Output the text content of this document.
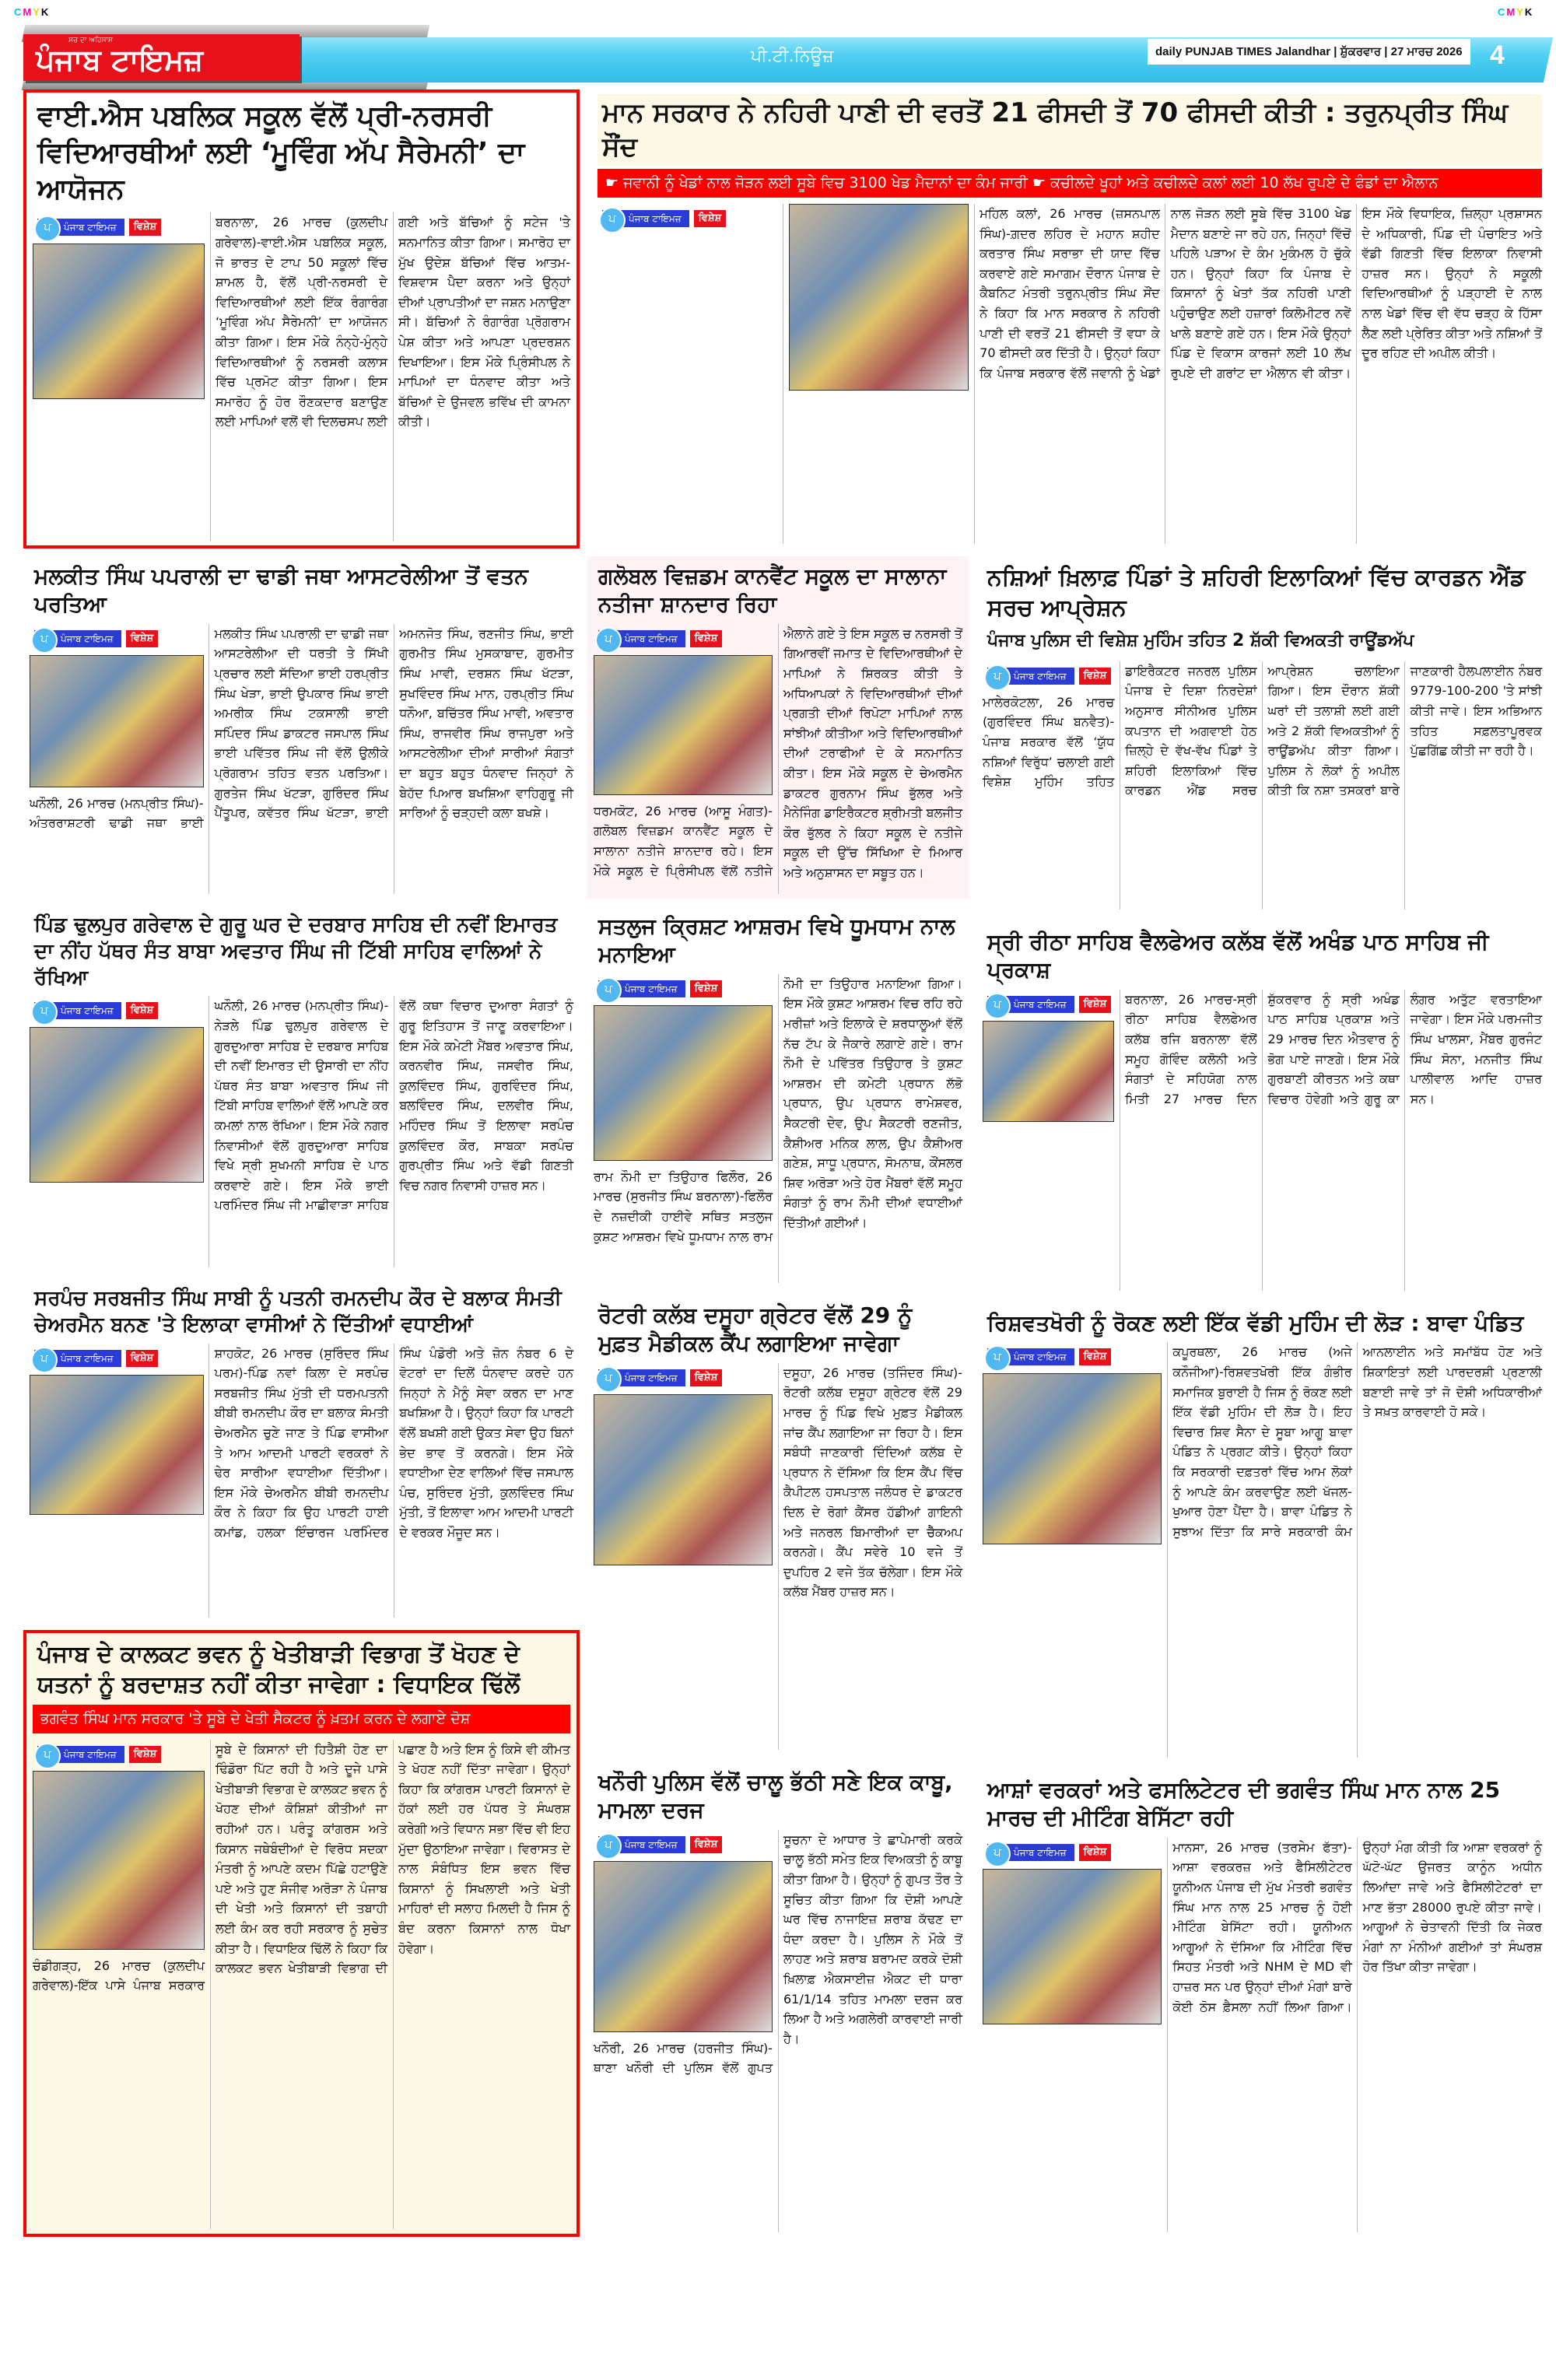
CMYK	CMYK
ਸਚ ਦਾ ਅਹਿਸਾਸ
ਪੰਜਾਬ ਟਾਇਮਜ਼	ਪੀ.ਟੀ.ਨਿਊਜ਼	daily PUNJAB TIMES Jalandhar | ਸ਼ੁੱਕਰਵਾਰ | 27 ਮਾਰਚ 2026 4
ਵਾਈ.ਐਸ ਪਬਲਿਕ ਸਕੂਲ ਵੱਲੋਂ ਪ੍ਰੀ-ਨਰਸਰੀ ਵਿਦਿਆਰਥੀਆਂ ਲਈ ‘ਮੂਵਿੰਗ ਅੱਪ ਸੈਰੇਮਨੀ’ ਦਾ ਆਯੋਜਨ
ਪ ਪੰਜਾਬ ਟਾਇਮਜ਼	ਵਿਸ਼ੇਸ਼	ਬਰਨਾਲਾ, 26 ਮਾਰਚ (ਕੁਲਦੀਪ ਗਰੇਵਾਲ)-ਵਾਈ.ਐਸ ਪਬਲਿਕ ਸਕੂਲ, ਜੋ ਭਾਰਤ ਦੇ ਟਾਪ 50 ਸਕੂਲਾਂ ਵਿੱਚ ਸ਼ਾਮਲ ਹੈ, ਵੱਲੋਂ ਪ੍ਰੀ-ਨਰਸਰੀ ਦੇ ਵਿਦਿਆਰਥੀਆਂ ਲਈ ਇੱਕ ਰੰਗਾਰੰਗ ‘ਮੂਵਿੰਗ ਅੱਪ ਸੈਰੇਮਨੀ’ ਦਾ ਆਯੋਜਨ ਕੀਤਾ ਗਿਆ। ਇਸ ਮੌਕੇ ਨੰਨ੍ਹੇ-ਮੁੰਨ੍ਹੇ ਵਿਦਿਆਰਥੀਆਂ ਨੂੰ ਨਰਸਰੀ ਕਲਾਸ ਵਿੱਚ ਪ੍ਰਮੋਟ ਕੀਤਾ ਗਿਆ। ਇਸ ਸਮਾਰੋਹ ਨੂੰ ਹੋਰ ਰੌਣਕਦਾਰ ਬਣਾਉਣ ਲਈ ਮਾਪਿਆਂ ਵਲੋਂ ਵੀ ਦਿਲਚਸਪ ਲਈ ਗਈ ਅਤੇ ਬੱਚਿਆਂ ਨੂੰ ਸਟੇਜ 'ਤੇ ਸਨਮਾਨਿਤ ਕੀਤਾ ਗਿਆ। ਸਮਾਰੋਹ ਦਾ ਮੁੱਖ ਉਦੇਸ਼ ਬੱਚਿਆਂ ਵਿੱਚ ਆਤਮ-ਵਿਸ਼ਵਾਸ ਪੈਦਾ ਕਰਨਾ ਅਤੇ ਉਨ੍ਹਾਂ ਦੀਆਂ ਪ੍ਰਾਪਤੀਆਂ ਦਾ ਜਸ਼ਨ ਮਨਾਉਣਾ ਸੀ। ਬੱਚਿਆਂ ਨੇ ਰੰਗਾਰੰਗ ਪ੍ਰੋਗਰਾਮ ਪੇਸ਼ ਕੀਤਾ ਅਤੇ ਆਪਣਾ ਪ੍ਰਦਰਸ਼ਨ ਦਿਖਾਇਆ। ਇਸ ਮੌਕੇ ਪ੍ਰਿੰਸੀਪਲ ਨੇ ਮਾਪਿਆਂ ਦਾ ਧੰਨਵਾਦ ਕੀਤਾ ਅਤੇ ਬੱਚਿਆਂ ਦੇ ਉਜਵਲ ਭਵਿੱਖ ਦੀ ਕਾਮਨਾ ਕੀਤੀ।

ਮਾਨ ਸਰਕਾਰ ਨੇ ਨਹਿਰੀ ਪਾਣੀ ਦੀ ਵਰਤੋਂ 21 ਫੀਸਦੀ ਤੋਂ 70 ਫੀਸਦੀ ਕੀਤੀ : ਤਰੁਨਪ੍ਰੀਤ ਸਿੰਘ ਸੌਂਦ
☛ ਜਵਾਨੀ ਨੂੰ ਖੇਡਾਂ ਨਾਲ ਜੋੜਨ ਲਈ ਸੂਬੇ ਵਿਚ 3100 ਖੇਡ ਮੈਦਾਨਾਂ ਦਾ ਕੰਮ ਜਾਰੀ ☛ ਕਚੀਲਦੇ ਖੂਹਾਂ ਅਤੇ ਕਚੀਲਦੇ ਕਲਾਂ ਲਈ 10 ਲੱਖ ਰੁਪਏ ਦੇ ਫੰਡਾਂ ਦਾ ਐਲਾਨ
ਪ ਪੰਜਾਬ ਟਾਇਮਜ਼	ਵਿਸ਼ੇਸ਼	ਮਹਿਲ ਕਲਾਂ, 26 ਮਾਰਚ (ਜ਼ਸਨਪਾਲ ਸਿੰਘ)-ਗ਼ਦਰ ਲਹਿਰ ਦੇ ਮਹਾਨ ਸ਼ਹੀਦ ਕਰਤਾਰ ਸਿੰਘ ਸਰਾਭਾ ਦੀ ਯਾਦ ਵਿੱਚ ਕਰਵਾਏ ਗਏ ਸਮਾਗਮ ਦੌਰਾਨ ਪੰਜਾਬ ਦੇ ਕੈਬਨਿਟ ਮੰਤਰੀ ਤਰੁਨਪ੍ਰੀਤ ਸਿੰਘ ਸੌਂਦ ਨੇ ਕਿਹਾ ਕਿ ਮਾਨ ਸਰਕਾਰ ਨੇ ਨਹਿਰੀ ਪਾਣੀ ਦੀ ਵਰਤੋਂ 21 ਫੀਸਦੀ ਤੋਂ ਵਧਾ ਕੇ 70 ਫੀਸਦੀ ਕਰ ਦਿੱਤੀ ਹੈ। ਉਨ੍ਹਾਂ ਕਿਹਾ ਕਿ ਪੰਜਾਬ ਸਰਕਾਰ ਵੱਲੋਂ ਜਵਾਨੀ ਨੂੰ ਖੇਡਾਂ ਨਾਲ ਜੋੜਨ ਲਈ ਸੂਬੇ ਵਿੱਚ 3100 ਖੇਡ ਮੈਦਾਨ ਬਣਾਏ ਜਾ ਰਹੇ ਹਨ, ਜਿਨ੍ਹਾਂ ਵਿੱਚੋਂ ਪਹਿਲੇ ਪੜਾਅ ਦੇ ਕੰਮ ਮੁਕੰਮਲ ਹੋ ਚੁੱਕੇ ਹਨ। ਉਨ੍ਹਾਂ ਕਿਹਾ ਕਿ ਪੰਜਾਬ ਦੇ ਕਿਸਾਨਾਂ ਨੂੰ ਖੇਤਾਂ ਤੱਕ ਨਹਿਰੀ ਪਾਣੀ ਪਹੁੰਚਾਉਣ ਲਈ ਹਜ਼ਾਰਾਂ ਕਿਲੋਮੀਟਰ ਨਵੇਂ ਖਾਲੇ ਬਣਾਏ ਗਏ ਹਨ। ਇਸ ਮੌਕੇ ਉਨ੍ਹਾਂ ਪਿੰਡ ਦੇ ਵਿਕਾਸ ਕਾਰਜਾਂ ਲਈ 10 ਲੱਖ ਰੁਪਏ ਦੀ ਗਰਾਂਟ ਦਾ ਐਲਾਨ ਵੀ ਕੀਤਾ। ਇਸ ਮੌਕੇ ਵਿਧਾਇਕ, ਜ਼ਿਲ੍ਹਾ ਪ੍ਰਸ਼ਾਸਨ ਦੇ ਅਧਿਕਾਰੀ, ਪਿੰਡ ਦੀ ਪੰਚਾਇਤ ਅਤੇ ਵੱਡੀ ਗਿਣਤੀ ਵਿੱਚ ਇਲਾਕਾ ਨਿਵਾਸੀ ਹਾਜ਼ਰ ਸਨ। ਉਨ੍ਹਾਂ ਨੇ ਸਕੂਲੀ ਵਿਦਿਆਰਥੀਆਂ ਨੂੰ ਪੜ੍ਹਾਈ ਦੇ ਨਾਲ ਨਾਲ ਖੇਡਾਂ ਵਿੱਚ ਵੀ ਵੱਧ ਚੜ੍ਹ ਕੇ ਹਿੱਸਾ ਲੈਣ ਲਈ ਪ੍ਰੇਰਿਤ ਕੀਤਾ ਅਤੇ ਨਸ਼ਿਆਂ ਤੋਂ ਦੂਰ ਰਹਿਣ ਦੀ ਅਪੀਲ ਕੀਤੀ।

ਮਲਕੀਤ ਸਿੰਘ ਪਪਰਾਲੀ ਦਾ ਢਾਡੀ ਜਥਾ ਆਸਟਰੇਲੀਆ ਤੋਂ ਵਤਨ ਪਰਤਿਆ
ਪ ਪੰਜਾਬ ਟਾਇਮਜ਼	ਵਿਸ਼ੇਸ਼

ਘਨੌਲੀ, 26 ਮਾਰਚ (ਮਨਪ੍ਰੀਤ ਸਿੰਘ)-ਅੰਤਰਰਾਸ਼ਟਰੀ ਢਾਡੀ ਜਥਾ ਭਾਈ ਮਲਕੀਤ ਸਿੰਘ ਪਪਰਾਲੀ ਦਾ ਢਾਡੀ ਜਥਾ ਆਸਟਰੇਲੀਆ ਦੀ ਧਰਤੀ ਤੇ ਸਿੱਖੀ ਪ੍ਰਚਾਰ ਲਈ ਸੱਦਿਆ ਭਾਈ ਹਰਪ੍ਰੀਤ ਸਿੰਘ ਖੇੜਾ, ਭਾਈ ਉਪਕਾਰ ਸਿੰਘ ਭਾਈ ਅਮਰੀਕ ਸਿੰਘ ਟਕਸਾਲੀ ਭਾਈ ਸਪਿੰਦਰ ਸਿੰਘ ਡਾਕਟਰ ਜਸਪਾਲ ਸਿੰਘ ਭਾਈ ਪਵਿੱਤਰ ਸਿੰਘ ਜੀ ਵੱਲੋਂ ਉਲੀਕੇ ਪ੍ਰੋਗਰਾਮ ਤਹਿਤ ਵਤਨ ਪਰਤਿਆ। ਗੁਰਤੇਜ ਸਿੰਘ ਖੱਟੜਾ, ਗੁਰਿੰਦਰ ਸਿੰਘ ਪੈਂਤੂਪਰ, ਕਵੱਤਰ ਸਿੰਘ ਖੱਟੜਾ, ਭਾਈ ਅਮਨਜੋਤ ਸਿੰਘ, ਰਣਜੀਤ ਸਿੰਘ, ਭਾਈ ਗੁਰਮੀਤ ਸਿੰਘ ਮੁਸਕਾਬਾਦ, ਗੁਰਮੀਤ ਸਿੰਘ ਮਾਵੀ, ਦਰਸ਼ਨ ਸਿੰਘ ਖੱਟੜਾ, ਸੁਖਵਿੰਦਰ ਸਿੰਘ ਮਾਨ, ਹਰਪ੍ਰੀਤ ਸਿੰਘ ਧਨੌਆ, ਬਚਿੱਤਰ ਸਿੰਘ ਮਾਵੀ, ਅਵਤਾਰ ਸਿੰਘ, ਰਾਜਵੀਰ ਸਿੰਘ ਰਾਜਪੁਰਾ ਅਤੇ ਆਸਟਰੇਲੀਆ ਦੀਆਂ ਸਾਰੀਆਂ ਸੰਗਤਾਂ ਦਾ ਬਹੁਤ ਬਹੁਤ ਧੰਨਵਾਦ ਜਿਨ੍ਹਾਂ ਨੇ ਬੇਹੱਦ ਪਿਆਰ ਬਖਸ਼ਿਆ ਵਾਹਿਗੁਰੂ ਜੀ ਸਾਰਿਆਂ ਨੂੰ ਚੜ੍ਹਦੀ ਕਲਾ ਬਖਸ਼ੇ।

ਪਿੰਡ ਢੁਲਪੁਰ ਗਰੇਵਾਲ ਦੇ ਗੁਰੂ ਘਰ ਦੇ ਦਰਬਾਰ ਸਾਹਿਬ ਦੀ ਨਵੀਂ ਇਮਾਰਤ ਦਾ ਨੀਂਹ ਪੱਥਰ ਸੰਤ ਬਾਬਾ ਅਵਤਾਰ ਸਿੰਘ ਜੀ ਟਿੱਬੀ ਸਾਹਿਬ ਵਾਲਿਆਂ ਨੇ ਰੱਖਿਆ
ਪ ਪੰਜਾਬ ਟਾਇਮਜ਼	ਵਿਸ਼ੇਸ਼	ਘਨੌਲੀ, 26 ਮਾਰਚ (ਮਨਪ੍ਰੀਤ ਸਿੰਘ)-ਨੇੜਲੇ ਪਿੰਡ ਢੁਲਪੁਰ ਗਰੇਵਾਲ ਦੇ ਗੁਰਦੁਆਰਾ ਸਾਹਿਬ ਦੇ ਦਰਬਾਰ ਸਾਹਿਬ ਦੀ ਨਵੀਂ ਇਮਾਰਤ ਦੀ ਉਸਾਰੀ ਦਾ ਨੀਂਹ ਪੱਥਰ ਸੰਤ ਬਾਬਾ ਅਵਤਾਰ ਸਿੰਘ ਜੀ ਟਿੱਬੀ ਸਾਹਿਬ ਵਾਲਿਆਂ ਵੱਲੋਂ ਆਪਣੇ ਕਰ ਕਮਲਾਂ ਨਾਲ ਰੱਖਿਆ। ਇਸ ਮੌਕੇ ਨਗਰ ਨਿਵਾਸੀਆਂ ਵੱਲੋਂ ਗੁਰਦੁਆਰਾ ਸਾਹਿਬ ਵਿਖੇ ਸ੍ਰੀ ਸੁਖਮਨੀ ਸਾਹਿਬ ਦੇ ਪਾਠ ਕਰਵਾਏ ਗਏ। ਇਸ ਮੌਕੇ ਭਾਈ ਪਰਮਿੰਦਰ ਸਿੰਘ ਜੀ ਮਾਛੀਵਾੜਾ ਸਾਹਿਬ ਵੱਲੋਂ ਕਥਾ ਵਿਚਾਰ ਦੁਆਰਾ ਸੰਗਤਾਂ ਨੂੰ ਗੁਰੂ ਇਤਿਹਾਸ ਤੋਂ ਜਾਣੂ ਕਰਵਾਇਆ। ਇਸ ਮੌਕੇ ਕਮੇਟੀ ਮੈਂਬਰ ਅਵਤਾਰ ਸਿੰਘ, ਕਰਨਵੀਰ ਸਿੰਘ, ਜਸਵੀਰ ਸਿੰਘ, ਕੁਲਵਿੰਦਰ ਸਿੰਘ, ਗੁਰਵਿੰਦਰ ਸਿੰਘ, ਬਲਵਿੰਦਰ ਸਿੰਘ, ਦਲਵੀਰ ਸਿੰਘ, ਮਹਿੰਦਰ ਸਿੰਘ ਤੋਂ ਇਲਾਵਾ ਸਰਪੰਚ ਕੁਲਵਿੰਦਰ ਕੌਰ, ਸਾਬਕਾ ਸਰਪੰਚ ਗੁਰਪ੍ਰੀਤ ਸਿੰਘ ਅਤੇ ਵੱਡੀ ਗਿਣਤੀ ਵਿਚ ਨਗਰ ਨਿਵਾਸੀ ਹਾਜ਼ਰ ਸਨ।

ਸਰਪੰਚ ਸਰਬਜੀਤ ਸਿੰਘ ਸਾਬੀ ਨੂੰ ਪਤਨੀ ਰਮਨਦੀਪ ਕੌਰ ਦੇ ਬਲਾਕ ਸੰਮਤੀ ਚੇਅਰਮੈਨ ਬਨਣ 'ਤੇ ਇਲਾਕਾ ਵਾਸੀਆਂ ਨੇ ਦਿੱਤੀਆਂ ਵਧਾਈਆਂ
ਪ ਪੰਜਾਬ ਟਾਇਮਜ਼	ਵਿਸ਼ੇਸ਼	ਸ਼ਾਹਕੋਟ, 26 ਮਾਰਚ (ਸੁਰਿੰਦਰ ਸਿੰਘ ਪਰਮ)-ਪਿੰਡ ਨਵਾਂ ਕਿਲਾ ਦੇ ਸਰਪੰਚ ਸਰਬਜੀਤ ਸਿੰਘ ਮੁੱਤੀ ਦੀ ਧਰਮਪਤਨੀ ਬੀਬੀ ਰਮਨਦੀਪ ਕੌਰ ਦਾ ਬਲਾਕ ਸੰਮਤੀ ਚੇਅਰਮੈਨ ਚੁਣੇ ਜਾਣ ਤੇ ਪਿੰਡ ਵਾਸੀਆ ਤੇ ਆਮ ਆਦਮੀ ਪਾਰਟੀ ਵਰਕਰਾਂ ਨੇ ਢੇਰ ਸਾਰੀਆ ਵਧਾਈਆ ਦਿੱਤੀਆ। ਇਸ ਮੌਕੇ ਚੇਅਰਮੈਨ ਬੀਬੀ ਰਮਨਦੀਪ ਕੌਰ ਨੇ ਕਿਹਾ ਕਿ ਉਹ ਪਾਰਟੀ ਹਾਈ ਕਮਾਂਡ, ਹਲਕਾ ਇੰਚਾਰਜ ਪਰਮਿੰਦਰ ਸਿੰਘ ਪੰਡੋਰੀ ਅਤੇ ਜ਼ੋਨ ਨੰਬਰ 6 ਦੇ ਵੋਟਰਾਂ ਦਾ ਦਿਲੋਂ ਧੰਨਵਾਦ ਕਰਦੇ ਹਨ ਜਿਨ੍ਹਾਂ ਨੇ ਮੈਨੂੰ ਸੇਵਾ ਕਰਨ ਦਾ ਮਾਣ ਬਖਸ਼ਿਆ ਹੈ। ਉਨ੍ਹਾਂ ਕਿਹਾ ਕਿ ਪਾਰਟੀ ਵੱਲੋਂ ਬਖਸ਼ੀ ਗਈ ਉਕਤ ਸੇਵਾ ਉਹ ਬਿਨਾਂ ਭੇਦ ਭਾਵ ਤੋਂ ਕਰਨਗੇ। ਇਸ ਮੌਕੇ ਵਧਾਈਆ ਦੇਣ ਵਾਲਿਆਂ ਵਿੱਚ ਜਸਪਾਲ ਪੰਚ, ਸੁਰਿੰਦਰ ਮੁੱਤੀ, ਕੁਲਵਿੰਦਰ ਸਿੰਘ ਮੁੱਤੀ, ਤੋਂ ਇਲਾਵਾ ਆਮ ਆਦਮੀ ਪਾਰਟੀ ਦੇ ਵਰਕਰ ਮੌਜੂਦ ਸਨ।

ਪੰਜਾਬ ਦੇ ਕਾਲਕਟ ਭਵਨ ਨੂੰ ਖੇਤੀਬਾੜੀ ਵਿਭਾਗ ਤੋਂ ਖੋਹਣ ਦੇ ਯਤਨਾਂ ਨੂੰ ਬਰਦਾਸ਼ਤ ਨਹੀਂ ਕੀਤਾ ਜਾਵੇਗਾ : ਵਿਧਾਇਕ ਢਿੱਲੋਂ
ਭਗਵੰਤ ਸਿੰਘ ਮਾਨ ਸਰਕਾਰ 'ਤੇ ਸੂਬੇ ਦੇ ਖੇਤੀ ਸੈਕਟਰ ਨੂੰ ਖ਼ਤਮ ਕਰਨ ਦੇ ਲਗਾਏ ਦੋਸ਼
ਪ ਪੰਜਾਬ ਟਾਇਮਜ਼	ਵਿਸ਼ੇਸ਼

ਚੰਡੀਗੜ੍ਹ, 26 ਮਾਰਚ (ਕੁਲਦੀਪ ਗਰੇਵਾਲ)-ਇੱਕ ਪਾਸੇ ਪੰਜਾਬ ਸਰਕਾਰ ਸੂਬੇ ਦੇ ਕਿਸਾਨਾਂ ਦੀ ਹਿਤੈਸ਼ੀ ਹੋਣ ਦਾ ਢਿੰਡੋਰਾ ਪਿੱਟ ਰਹੀ ਹੈ ਅਤੇ ਦੂਜੇ ਪਾਸੇ ਖੇਤੀਬਾੜੀ ਵਿਭਾਗ ਦੇ ਕਾਲਕਟ ਭਵਨ ਨੂੰ ਖੋਹਣ ਦੀਆਂ ਕੋਸ਼ਿਸ਼ਾਂ ਕੀਤੀਆਂ ਜਾ ਰਹੀਆਂ ਹਨ। ਪਰੰਤੂ ਕਾਂਗਰਸ ਅਤੇ ਕਿਸਾਨ ਜਥੇਬੰਦੀਆਂ ਦੇ ਵਿਰੋਧ ਸਦਕਾ ਮੰਤਰੀ ਨੂੰ ਆਪਣੇ ਕਦਮ ਪਿੱਛੇ ਹਟਾਉਣੇ ਪਏ ਅਤੇ ਹੁਣ ਸੰਜੀਵ ਅਰੋੜਾ ਨੇ ਪੰਜਾਬ ਦੀ ਖੇਤੀ ਅਤੇ ਕਿਸਾਨਾਂ ਦੀ ਤਬਾਹੀ ਲਈ ਕੰਮ ਕਰ ਰਹੀ ਸਰਕਾਰ ਨੂੰ ਸੁਚੇਤ ਕੀਤਾ ਹੈ। ਵਿਧਾਇਕ ਢਿੱਲੋਂ ਨੇ ਕਿਹਾ ਕਿ ਕਾਲਕਟ ਭਵਨ ਖੇਤੀਬਾੜੀ ਵਿਭਾਗ ਦੀ ਪਛਾਣ ਹੈ ਅਤੇ ਇਸ ਨੂੰ ਕਿਸੇ ਵੀ ਕੀਮਤ ਤੇ ਖੋਹਣ ਨਹੀਂ ਦਿੱਤਾ ਜਾਵੇਗਾ। ਉਨ੍ਹਾਂ ਕਿਹਾ ਕਿ ਕਾਂਗਰਸ ਪਾਰਟੀ ਕਿਸਾਨਾਂ ਦੇ ਹੱਕਾਂ ਲਈ ਹਰ ਪੱਧਰ ਤੇ ਸੰਘਰਸ਼ ਕਰੇਗੀ ਅਤੇ ਵਿਧਾਨ ਸਭਾ ਵਿੱਚ ਵੀ ਇਹ ਮੁੱਦਾ ਉਠਾਇਆ ਜਾਵੇਗਾ। ਵਿਰਾਸਤ ਦੇ ਨਾਲ ਸੰਬੰਧਿਤ ਇਸ ਭਵਨ ਵਿੱਚ ਕਿਸਾਨਾਂ ਨੂੰ ਸਿਖਲਾਈ ਅਤੇ ਖੇਤੀ ਮਾਹਿਰਾਂ ਦੀ ਸਲਾਹ ਮਿਲਦੀ ਹੈ ਜਿਸ ਨੂੰ ਬੰਦ ਕਰਨਾ ਕਿਸਾਨਾਂ ਨਾਲ ਧੋਖਾ ਹੋਵੇਗਾ।

ਗਲੋਬਲ ਵਿਜ਼ਡਮ ਕਾਨਵੈਂਟ ਸਕੂਲ ਦਾ ਸਾਲਾਨਾ ਨਤੀਜਾ ਸ਼ਾਨਦਾਰ ਰਿਹਾ
ਪ ਪੰਜਾਬ ਟਾਇਮਜ਼	ਵਿਸ਼ੇਸ਼

ਧਰਮਕੋਟ, 26 ਮਾਰਚ (ਆਸੂ ਮੰਗਤ)-ਗਲੋਬਲ ਵਿਜ਼ਡਮ ਕਾਨਵੈਂਟ ਸਕੂਲ ਦੇ ਸਾਲਾਨਾ ਨਤੀਜੇ ਸ਼ਾਨਦਾਰ ਰਹੇ। ਇਸ ਮੌਕੇ ਸਕੂਲ ਦੇ ਪ੍ਰਿੰਸੀਪਲ ਵੱਲੋਂ ਨਤੀਜੇ ਐਲਾਨੇ ਗਏ ਤੇ ਇਸ ਸਕੂਲ ਚ ਨਰਸਰੀ ਤੋਂ ਗਿਆਰਵੀਂ ਜਮਾਤ ਦੇ ਵਿਦਿਆਰਥੀਆਂ ਦੇ ਮਾਪਿਆਂ ਨੇ ਸ਼ਿਰਕਤ ਕੀਤੀ ਤੇ ਅਧਿਆਪਕਾਂ ਨੇ ਵਿਦਿਆਰਥੀਆਂ ਦੀਆਂ ਪ੍ਰਗਤੀ ਦੀਆਂ ਰਿਪੋਟਾ ਮਾਪਿਆਂ ਨਾਲ ਸਾਂਝੀਆਂ ਕੀਤੀਆ ਅਤੇ ਵਿਦਿਆਰਥੀਆਂ ਦੀਆਂ ਟਰਾਫੀਆਂ ਦੇ ਕੇ ਸਨਮਾਨਿਤ ਕੀਤਾ। ਇਸ ਮੌਕੇ ਸਕੂਲ ਦੇ ਚੇਅਰਮੈਨ ਡਾਕਟਰ ਗੁਰਨਾਮ ਸਿੰਘ ਭੁੱਲਰ ਅਤੇ ਮੈਨੇਜਿੰਗ ਡਾਇਰੈਕਟਰ ਸ਼੍ਰੀਮਤੀ ਬਲਜੀਤ ਕੌਰ ਭੁੱਲਰ ਨੇ ਕਿਹਾ ਸਕੂਲ ਦੇ ਨਤੀਜੇ ਸਕੂਲ ਦੀ ਉੱਚ ਸਿੱਖਿਆ ਦੇ ਮਿਆਰ ਅਤੇ ਅਨੁਸ਼ਾਸਨ ਦਾ ਸਬੂਤ ਹਨ।

ਸਤਲੁਜ ਕ੍ਰਿਸ਼ਟ ਆਸ਼ਰਮ ਵਿਖੇ ਧੂਮਧਾਮ ਨਾਲ ਮਨਾਇਆ
ਪ ਪੰਜਾਬ ਟਾਇਮਜ਼	ਵਿਸ਼ੇਸ਼

ਰਾਮ ਨੌਮੀ ਦਾ ਤਿਉਹਾਰ ਫਿਲੌਰ, 26 ਮਾਰਚ (ਸੁਰਜੀਤ ਸਿੰਘ ਬਰਨਾਲਾ)-ਫਿਲੌਰ ਦੇ ਨਜ਼ਦੀਕੀ ਹਾਈਵੇ ਸਥਿਤ ਸਤਲੁਜ ਕੁਸ਼ਟ ਆਸ਼ਰਮ ਵਿਖੇ ਧੂਮਧਾਮ ਨਾਲ ਰਾਮ ਨੌਮੀ ਦਾ ਤਿਉਹਾਰ ਮਨਾਇਆ ਗਿਆ। ਇਸ ਮੌਕੇ ਕੁਸ਼ਟ ਆਸ਼ਰਮ ਵਿਚ ਰਹਿ ਰਹੇ ਮਰੀਜ਼ਾਂ ਅਤੇ ਇਲਾਕੇ ਦੇ ਸ਼ਰਧਾਲੂਆਂ ਵੱਲੋਂ ਨੱਚ ਟੱਪ ਕੇ ਜੈਕਾਰੇ ਲਗਾਏ ਗਏ। ਰਾਮ ਨੌਮੀ ਦੇ ਪਵਿੱਤਰ ਤਿਉਹਾਰ ਤੇ ਕੁਸ਼ਟ ਆਸ਼ਰਮ ਦੀ ਕਮੇਟੀ ਪ੍ਰਧਾਨ ਲੱਭੋ ਪ੍ਰਧਾਨ, ਉਪ ਪ੍ਰਧਾਨ ਰਾਮੇਸ਼ਵਰ, ਸੈਕਟਰੀ ਦੇਵ, ਉਪ ਸੈਕਟਰੀ ਰਣਜੀਤ, ਕੈਸ਼ੀਅਰ ਮਨਿਕ ਲਾਲ, ਉਪ ਕੈਸ਼ੀਅਰ ਗਣੇਸ਼, ਸਾਧੂ ਪ੍ਰਧਾਨ, ਸੋਮਨਾਥ, ਕੌਂਸਲਰ ਸ਼ਿਵ ਅਰੋੜਾ ਅਤੇ ਹੋਰ ਮੈਂਬਰਾਂ ਵੱਲੋਂ ਸਮੂਹ ਸੰਗਤਾਂ ਨੂੰ ਰਾਮ ਨੌਮੀ ਦੀਆਂ ਵਧਾਈਆਂ ਦਿੱਤੀਆਂ ਗਈਆਂ।

ਰੋਟਰੀ ਕਲੱਬ ਦਸੂਹਾ ਗ੍ਰੇਟਰ ਵੱਲੋਂ 29 ਨੂੰ ਮੁਫ਼ਤ ਮੈਡੀਕਲ ਕੈਂਪ ਲਗਾਇਆ ਜਾਵੇਗਾ
ਪ ਪੰਜਾਬ ਟਾਇਮਜ਼	ਵਿਸ਼ੇਸ਼	ਦਸੂਹਾ, 26 ਮਾਰਚ (ਤਜਿੰਦਰ ਸਿੰਘ)-ਰੋਟਰੀ ਕਲੱਬ ਦਸੂਹਾ ਗ੍ਰੇਟਰ ਵੱਲੋਂ 29 ਮਾਰਚ ਨੂੰ ਪਿੰਡ ਵਿਖੇ ਮੁਫ਼ਤ ਮੈਡੀਕਲ ਜਾਂਚ ਕੈਂਪ ਲਗਾਇਆ ਜਾ ਰਿਹਾ ਹੈ। ਇਸ ਸਬੰਧੀ ਜਾਣਕਾਰੀ ਦਿੰਦਿਆਂ ਕਲੱਬ ਦੇ ਪ੍ਰਧਾਨ ਨੇ ਦੱਸਿਆ ਕਿ ਇਸ ਕੈਂਪ ਵਿੱਚ ਕੈਪੀਟਲ ਹਸਪਤਾਲ ਜਲੰਧਰ ਦੇ ਡਾਕਟਰ ਦਿਲ ਦੇ ਰੋਗਾਂ ਕੈਂਸਰ ਹੱਡੀਆਂ ਗਾਇਨੀ ਅਤੇ ਜਨਰਲ ਬਿਮਾਰੀਆਂ ਦਾ ਚੈੱਕਅਪ ਕਰਨਗੇ। ਕੈਂਪ ਸਵੇਰੇ 10 ਵਜੇ ਤੋਂ ਦੁਪਹਿਰ 2 ਵਜੇ ਤੱਕ ਚੱਲੇਗਾ। ਇਸ ਮੌਕੇ ਕਲੱਬ ਮੈਂਬਰ ਹਾਜ਼ਰ ਸਨ।

ਖਨੌਰੀ ਪੁਲਿਸ ਵੱਲੋਂ ਚਾਲੂ ਭੱਠੀ ਸਣੇ ਇਕ ਕਾਬੂ, ਮਾਮਲਾ ਦਰਜ
ਪ ਪੰਜਾਬ ਟਾਇਮਜ਼	ਵਿਸ਼ੇਸ਼

ਖਨੌਰੀ, 26 ਮਾਰਚ (ਹਰਜੀਤ ਸਿੰਘ)-ਥਾਣਾ ਖਨੌਰੀ ਦੀ ਪੁਲਿਸ ਵੱਲੋਂ ਗੁਪਤ ਸੂਚਨਾ ਦੇ ਆਧਾਰ ਤੇ ਛਾਪੇਮਾਰੀ ਕਰਕੇ ਚਾਲੂ ਭੱਠੀ ਸਮੇਤ ਇਕ ਵਿਅਕਤੀ ਨੂੰ ਕਾਬੂ ਕੀਤਾ ਗਿਆ ਹੈ। ਉਨ੍ਹਾਂ ਨੂੰ ਗੁਪਤ ਤੌਰ ਤੇ ਸੂਚਿਤ ਕੀਤਾ ਗਿਆ ਕਿ ਦੋਸ਼ੀ ਆਪਣੇ ਘਰ ਵਿੱਚ ਨਾਜਾਇਜ਼ ਸ਼ਰਾਬ ਕੱਢਣ ਦਾ ਧੰਦਾ ਕਰਦਾ ਹੈ। ਪੁਲਿਸ ਨੇ ਮੌਕੇ ਤੋਂ ਲਾਹਣ ਅਤੇ ਸ਼ਰਾਬ ਬਰਾਮਦ ਕਰਕੇ ਦੋਸ਼ੀ ਖ਼ਿਲਾਫ਼ ਐਕਸਾਈਜ਼ ਐਕਟ ਦੀ ਧਾਰਾ 61/1/14 ਤਹਿਤ ਮਾਮਲਾ ਦਰਜ ਕਰ ਲਿਆ ਹੈ ਅਤੇ ਅਗਲੇਰੀ ਕਾਰਵਾਈ ਜਾਰੀ ਹੈ।

ਨਸ਼ਿਆਂ ਖ਼ਿਲਾਫ਼ ਪਿੰਡਾਂ ਤੇ ਸ਼ਹਿਰੀ ਇਲਾਕਿਆਂ ਵਿੱਚ ਕਾਰਡਨ ਐਂਡ ਸਰਚ ਆਪ੍ਰੇਸ਼ਨ
ਪੰਜਾਬ ਪੁਲਿਸ ਦੀ ਵਿਸ਼ੇਸ਼ ਮੁਹਿੰਮ ਤਹਿਤ 2 ਸ਼ੱਕੀ ਵਿਅਕਤੀ ਰਾਊਂਡਅੱਪ
ਪ ਪੰਜਾਬ ਟਾਇਮਜ਼	ਵਿਸ਼ੇਸ਼

ਮਾਲੇਰਕੋਟਲਾ, 26 ਮਾਰਚ (ਗੁਰਵਿੰਦਰ ਸਿੰਘ ਬਨਵੈਤ)-ਪੰਜਾਬ ਸਰਕਾਰ ਵੱਲੋਂ ‘ਯੁੱਧ ਨਸ਼ਿਆਂ ਵਿਰੁੱਧ’ ਚਲਾਈ ਗਈ ਵਿਸ਼ੇਸ਼ ਮੁਹਿੰਮ ਤਹਿਤ ਡਾਇਰੈਕਟਰ ਜਨਰਲ ਪੁਲਿਸ ਪੰਜਾਬ ਦੇ ਦਿਸ਼ਾ ਨਿਰਦੇਸ਼ਾਂ ਅਨੁਸਾਰ ਸੀਨੀਅਰ ਪੁਲਿਸ ਕਪਤਾਨ ਦੀ ਅਗਵਾਈ ਹੇਠ ਜ਼ਿਲ੍ਹੇ ਦੇ ਵੱਖ-ਵੱਖ ਪਿੰਡਾਂ ਤੇ ਸ਼ਹਿਰੀ ਇਲਾਕਿਆਂ ਵਿੱਚ ਕਾਰਡਨ ਐਂਡ ਸਰਚ ਆਪ੍ਰੇਸ਼ਨ ਚਲਾਇਆ ਗਿਆ। ਇਸ ਦੌਰਾਨ ਸ਼ੱਕੀ ਘਰਾਂ ਦੀ ਤਲਾਸ਼ੀ ਲਈ ਗਈ ਅਤੇ 2 ਸ਼ੱਕੀ ਵਿਅਕਤੀਆਂ ਨੂੰ ਰਾਊਂਡਅੱਪ ਕੀਤਾ ਗਿਆ। ਪੁਲਿਸ ਨੇ ਲੋਕਾਂ ਨੂੰ ਅਪੀਲ ਕੀਤੀ ਕਿ ਨਸ਼ਾ ਤਸਕਰਾਂ ਬਾਰੇ ਜਾਣਕਾਰੀ ਹੈਲਪਲਾਈਨ ਨੰਬਰ 9779-100-200 'ਤੇ ਸਾਂਝੀ ਕੀਤੀ ਜਾਵੇ। ਇਸ ਅਭਿਆਨ ਤਹਿਤ ਸਫ਼ਲਤਾਪੂਰਵਕ ਪੁੱਛਗਿੱਛ ਕੀਤੀ ਜਾ ਰਹੀ ਹੈ।

ਸ੍ਰੀ ਰੀਠਾ ਸਾਹਿਬ ਵੈਲਫੇਅਰ ਕਲੱਬ ਵੱਲੋਂ ਅਖੰਡ ਪਾਠ ਸਾਹਿਬ ਜੀ ਪ੍ਰਕਾਸ਼
ਪ ਪੰਜਾਬ ਟਾਇਮਜ਼	ਵਿਸ਼ੇਸ਼	ਬਰਨਾਲਾ, 26 ਮਾਰਚ-ਸ੍ਰੀ ਰੀਠਾ ਸਾਹਿਬ ਵੈਲਫੇਅਰ ਕਲੱਬ ਰਜਿ ਬਰਨਾਲਾ ਵੱਲੋਂ ਸਮੂਹ ਗੋਵਿੰਦ ਕਲੋਨੀ ਅਤੇ ਸੰਗਤਾਂ ਦੇ ਸਹਿਯੋਗ ਨਾਲ ਮਿਤੀ 27 ਮਾਰਚ ਦਿਨ ਸ਼ੁੱਕਰਵਾਰ ਨੂੰ ਸ੍ਰੀ ਅਖੰਡ ਪਾਠ ਸਾਹਿਬ ਪ੍ਰਕਾਸ਼ ਅਤੇ 29 ਮਾਰਚ ਦਿਨ ਐਤਵਾਰ ਨੂੰ ਭੋਗ ਪਾਏ ਜਾਣਗੇ। ਇਸ ਮੌਕੇ ਗੁਰਬਾਣੀ ਕੀਰਤਨ ਅਤੇ ਕਥਾ ਵਿਚਾਰ ਹੋਵੇਗੀ ਅਤੇ ਗੁਰੂ ਕਾ ਲੰਗਰ ਅਤੁੱਟ ਵਰਤਾਇਆ ਜਾਵੇਗਾ। ਇਸ ਮੌਕੇ ਪਰਮਜੀਤ ਸਿੰਘ ਖਾਲਸਾ, ਮੈਂਬਰ ਗੁਰਜੰਟ ਸਿੰਘ ਸੋਨਾ, ਮਨਜੀਤ ਸਿੰਘ ਪਾਲੀਵਾਲ ਆਦਿ ਹਾਜ਼ਰ ਸਨ।

ਰਿਸ਼ਵਤਖੋਰੀ ਨੂੰ ਰੋਕਣ ਲਈ ਇੱਕ ਵੱਡੀ ਮੁਹਿੰਮ ਦੀ ਲੋੜ : ਬਾਵਾ ਪੰਡਿਤ
ਪ ਪੰਜਾਬ ਟਾਇਮਜ਼	ਵਿਸ਼ੇਸ਼	ਕਪੂਰਥਲਾ, 26 ਮਾਰਚ (ਅਜੇ ਕਨੌਜੀਆ)-ਰਿਸ਼ਵਤਖੋਰੀ ਇੱਕ ਗੰਭੀਰ ਸਮਾਜਿਕ ਬੁਰਾਈ ਹੈ ਜਿਸ ਨੂੰ ਰੋਕਣ ਲਈ ਇੱਕ ਵੱਡੀ ਮੁਹਿੰਮ ਦੀ ਲੋੜ ਹੈ। ਇਹ ਵਿਚਾਰ ਸ਼ਿਵ ਸੈਨਾ ਦੇ ਸੂਬਾ ਆਗੂ ਬਾਵਾ ਪੰਡਿਤ ਨੇ ਪ੍ਰਗਟ ਕੀਤੇ। ਉਨ੍ਹਾਂ ਕਿਹਾ ਕਿ ਸਰਕਾਰੀ ਦਫ਼ਤਰਾਂ ਵਿੱਚ ਆਮ ਲੋਕਾਂ ਨੂੰ ਆਪਣੇ ਕੰਮ ਕਰਵਾਉਣ ਲਈ ਖੱਜਲ-ਖੁਆਰ ਹੋਣਾ ਪੈਂਦਾ ਹੈ। ਬਾਵਾ ਪੰਡਿਤ ਨੇ ਸੁਝਾਅ ਦਿੱਤਾ ਕਿ ਸਾਰੇ ਸਰਕਾਰੀ ਕੰਮ ਆਨਲਾਈਨ ਅਤੇ ਸਮਾਂਬੱਧ ਹੋਣ ਅਤੇ ਸ਼ਿਕਾਇਤਾਂ ਲਈ ਪਾਰਦਰਸ਼ੀ ਪ੍ਰਣਾਲੀ ਬਣਾਈ ਜਾਵੇ ਤਾਂ ਜੋ ਦੋਸ਼ੀ ਅਧਿਕਾਰੀਆਂ ਤੇ ਸਖ਼ਤ ਕਾਰਵਾਈ ਹੋ ਸਕੇ।

ਆਸ਼ਾਂ ਵਰਕਰਾਂ ਅਤੇ ਫਸਲਿਟੇਟਰ ਦੀ ਭਗਵੰਤ ਸਿੰਘ ਮਾਨ ਨਾਲ 25 ਮਾਰਚ ਦੀ ਮੀਟਿੰਗ ਬੇਸਿੱਟਾ ਰਹੀ
ਪ ਪੰਜਾਬ ਟਾਇਮਜ਼	ਵਿਸ਼ੇਸ਼	ਮਾਨਸਾ, 26 ਮਾਰਚ (ਤਰਸੇਮ ਫੱਤਾ)-ਆਸ਼ਾ ਵਰਕਰਜ਼ ਅਤੇ ਫੈਸਿਲੀਟੇਟਰ ਯੂਨੀਅਨ ਪੰਜਾਬ ਦੀ ਮੁੱਖ ਮੰਤਰੀ ਭਗਵੰਤ ਸਿੰਘ ਮਾਨ ਨਾਲ 25 ਮਾਰਚ ਨੂੰ ਹੋਈ ਮੀਟਿੰਗ ਬੇਸਿੱਟਾ ਰਹੀ। ਯੂਨੀਅਨ ਆਗੂਆਂ ਨੇ ਦੱਸਿਆ ਕਿ ਮੀਟਿੰਗ ਵਿੱਚ ਸਿਹਤ ਮੰਤਰੀ ਅਤੇ NHM ਦੇ MD ਵੀ ਹਾਜ਼ਰ ਸਨ ਪਰ ਉਨ੍ਹਾਂ ਦੀਆਂ ਮੰਗਾਂ ਬਾਰੇ ਕੋਈ ਠੋਸ ਫ਼ੈਸਲਾ ਨਹੀਂ ਲਿਆ ਗਿਆ। ਉਨ੍ਹਾਂ ਮੰਗ ਕੀਤੀ ਕਿ ਆਸ਼ਾ ਵਰਕਰਾਂ ਨੂੰ ਘੱਟੋ-ਘੱਟ ਉਜਰਤ ਕਾਨੂੰਨ ਅਧੀਨ ਲਿਆਂਦਾ ਜਾਵੇ ਅਤੇ ਫੈਸਿਲੀਟੇਟਰਾਂ ਦਾ ਮਾਣ ਭੱਤਾ 28000 ਰੁਪਏ ਕੀਤਾ ਜਾਵੇ। ਆਗੂਆਂ ਨੇ ਚੇਤਾਵਨੀ ਦਿੱਤੀ ਕਿ ਜੇਕਰ ਮੰਗਾਂ ਨਾ ਮੰਨੀਆਂ ਗਈਆਂ ਤਾਂ ਸੰਘਰਸ਼ ਹੋਰ ਤਿੱਖਾ ਕੀਤਾ ਜਾਵੇਗਾ।
